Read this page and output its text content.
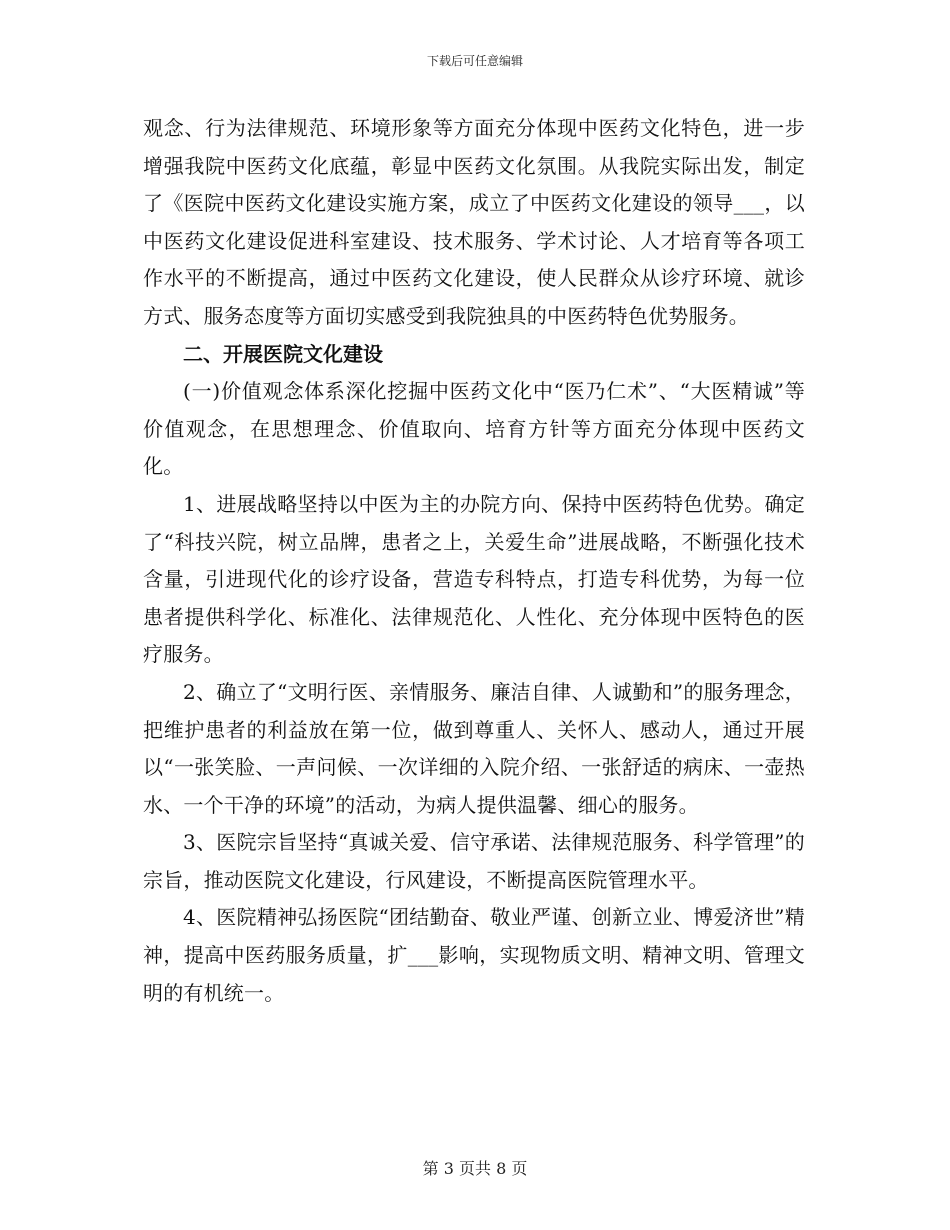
下载后可任意编辑

观念、行为法律规范、环境形象等方面充分体现中医药文化特色，进一步增强我院中医药文化底蕴，彰显中医药文化氛围。从我院实际出发，制定了《医院中医药文化建设实施方案，成立了中医药文化建设的领导___，以中医药文化建设促进科室建设、技术服务、学术讨论、人才培育等各项工作水平的不断提高，通过中医药文化建设，使人民群众从诊疗环境、就诊方式、服务态度等方面切实感受到我院独具的中医药特色优势服务。

二、开展医院文化建设

(一)价值观念体系深化挖掘中医药文化中“医乃仁术”、“大医精诚”等价值观念，在思想理念、价值取向、培育方针等方面充分体现中医药文化。

1、进展战略坚持以中医为主的办院方向、保持中医药特色优势。确定了“科技兴院，树立品牌，患者之上，关爱生命”进展战略，不断强化技术含量，引进现代化的诊疗设备，营造专科特点，打造专科优势，为每一位患者提供科学化、标准化、法律规范化、人性化、充分体现中医特色的医疗服务。

2、确立了“文明行医、亲情服务、廉洁自律、人诚勤和”的服务理念，把维护患者的利益放在第一位，做到尊重人、关怀人、感动人，通过开展以“一张笑脸、一声问候、一次详细的入院介绍、一张舒适的病床、一壶热水、一个干净的环境”的活动，为病人提供温馨、细心的服务。

3、医院宗旨坚持“真诚关爱、信守承诺、法律规范服务、科学管理”的宗旨，推动医院文化建设，行风建设，不断提高医院管理水平。

4、医院精神弘扬医院“团结勤奋、敬业严谨、创新立业、博爱济世”精神，提高中医药服务质量，扩___影响，实现物质文明、精神文明、管理文明的有机统一。

第 3 页共 8 页
